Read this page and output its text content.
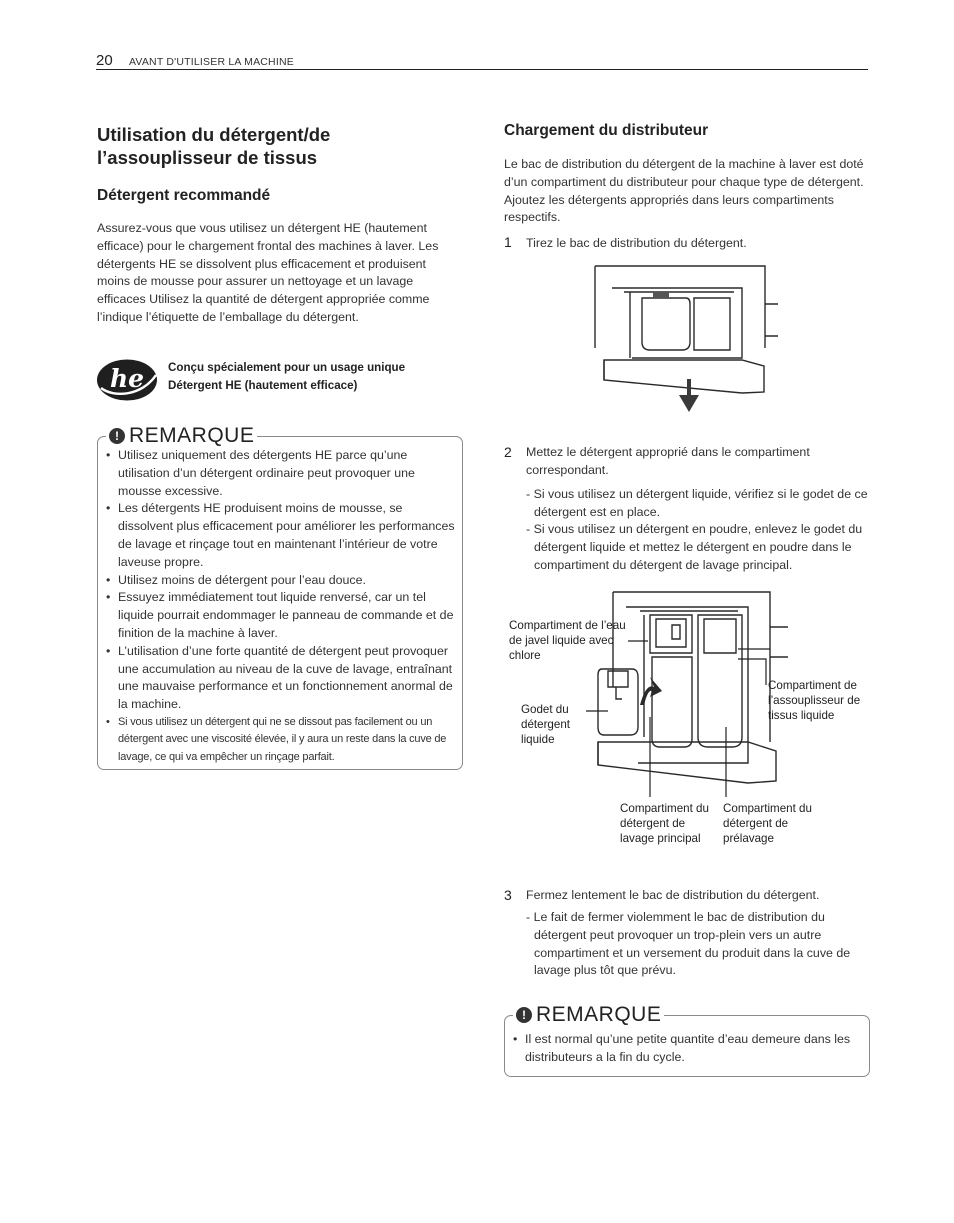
20 AVANT D'UTILISER LA MACHINE
Utilisation du détergent/de l’assouplisseur de tissus
Détergent recommandé

Assurez-vous que vous utilisez un détergent HE (hautement efficace) pour le chargement frontal des machines à laver. Les détergents HE se dissolvent plus efficacement et produisent moins de mousse pour assurer un nettoyage et un lavage efficaces Utilisez la quantité de détergent appropriée comme l’indique l’étiquette de l’emballage du détergent.

he Conçu spécialement pour un usage unique
Détergent HE (hautement efficace)
! REMARQUE
• Utilisez uniquement des détergents HE parce qu’une utilisation d’un détergent ordinaire peut provoquer une mousse excessive.
• Les détergents HE produisent moins de mousse, se dissolvent plus efficacement pour améliorer les performances de lavage et rinçage tout en maintenant l’intérieur de votre laveuse propre.
• Utilisez moins de détergent pour l’eau douce.
• Essuyez immédiatement tout liquide renversé, car un tel liquide pourrait endommager le panneau de commande et de finition de la machine à laver.
• L’utilisation d’une forte quantité de détergent peut provoquer une accumulation au niveau de la cuve de lavage, entraînant une mauvaise performance et un fonctionnement anormal de la machine.
• Si vous utilisez un détergent qui ne se dissout pas facilement ou un détergent avec une viscosité élevée, il y aura un reste dans la cuve de lavage, ce qui va empêcher un rinçage parfait.
Chargement du distributeur

Le bac de distribution du détergent de la machine à laver est doté d’un compartiment du distributeur pour chaque type de détergent. Ajoutez les détergents appropriés dans leurs compartiments respectifs.

1 Tirez le bac de distribution du détergent.
2 Mettez le détergent approprié dans le compartiment correspondant.
- Si vous utilisez un détergent liquide, vérifiez si le godet de ce détergent est en place.
- Si vous utilisez un détergent en poudre, enlevez le godet du détergent liquide et mettez le détergent en poudre dans le compartiment du détergent de lavage principal.
Compartiment de l’eau de javel liquide avec chlore
Godet du détergent liquide
Compartiment de l’assouplisseur de tissus liquide
Compartiment du détergent de lavage principal
Compartiment du détergent de prélavage
3 Fermez lentement le bac de distribution du détergent.
- Le fait de fermer violemment le bac de distribution du détergent peut provoquer un trop-plein vers un autre compartiment et un versement du produit dans la cuve de lavage plus tôt que prévu.
! REMARQUE
• Il est normal qu’une petite quantite d’eau demeure dans les distributeurs a la fin du cycle.
